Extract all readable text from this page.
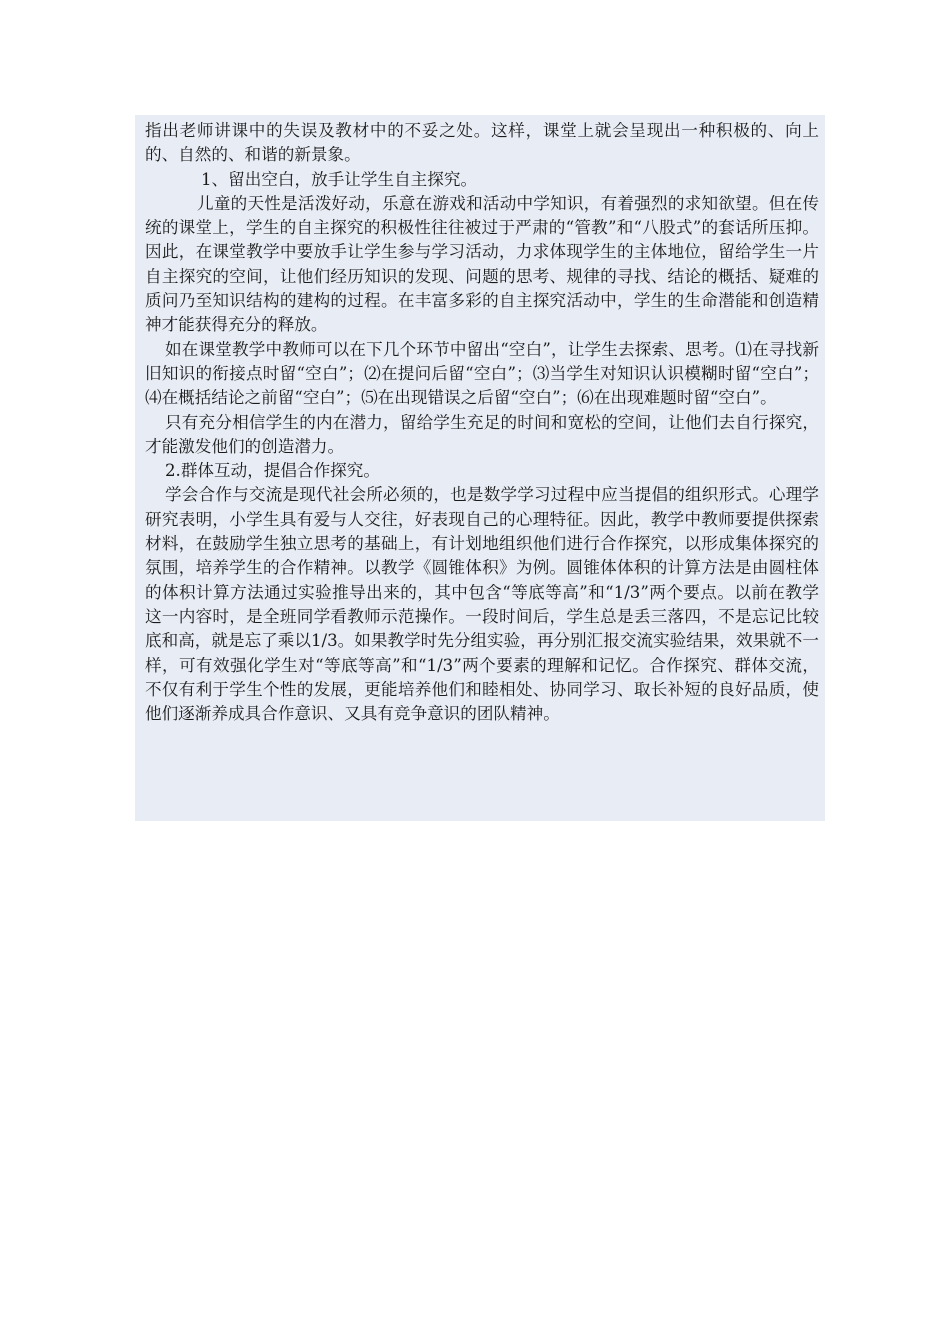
指出老师讲课中的失误及教材中的不妥之处。这样，课堂上就会呈现出一种积极的、向上的、自然的、和谐的新景象。

1、留出空白，放手让学生自主探究。

儿童的天性是活泼好动，乐意在游戏和活动中学知识，有着强烈的求知欲望。但在传统的课堂上，学生的自主探究的积极性往往被过于严肃的“管教”和“八股式”的套话所压抑。因此，在课堂教学中要放手让学生参与学习活动，力求体现学生的主体地位，留给学生一片自主探究的空间，让他们经历知识的发现、问题的思考、规律的寻找、结论的概括、疑难的质问乃至知识结构的建构的过程。在丰富多彩的自主探究活动中，学生的生命潜能和创造精神才能获得充分的释放。

如在课堂教学中教师可以在下几个环节中留出“空白”，让学生去探索、思考。⑴在寻找新旧知识的衔接点时留“空白”；⑵在提问后留“空白”；⑶当学生对知识认识模糊时留“空白”；⑷在概括结论之前留“空白”；⑸在出现错误之后留“空白”；⑹在出现难题时留“空白”。

只有充分相信学生的内在潜力，留给学生充足的时间和宽松的空间，让他们去自行探究，才能激发他们的创造潜力。

2.群体互动，提倡合作探究。

学会合作与交流是现代社会所必须的，也是数学学习过程中应当提倡的组织形式。心理学研究表明，小学生具有爱与人交往，好表现自己的心理特征。因此，教学中教师要提供探索材料，在鼓励学生独立思考的基础上，有计划地组织他们进行合作探究，以形成集体探究的氛围，培养学生的合作精神。以教学《圆锥体积》为例。圆锥体体积的计算方法是由圆柱体的体积计算方法通过实验推导出来的，其中包含“等底等高”和“1/3”两个要点。以前在教学这一内容时，是全班同学看教师示范操作。一段时间后，学生总是丢三落四，不是忘记比较底和高，就是忘了乘以1/3。如果教学时先分组实验，再分别汇报交流实验结果，效果就不一样，可有效强化学生对“等底等高”和“1/3”两个要素的理解和记忆。合作探究、群体交流，不仅有利于学生个性的发展，更能培养他们和睦相处、协同学习、取长补短的良好品质，使他们逐渐养成具合作意识、又具有竞争意识的团队精神。
